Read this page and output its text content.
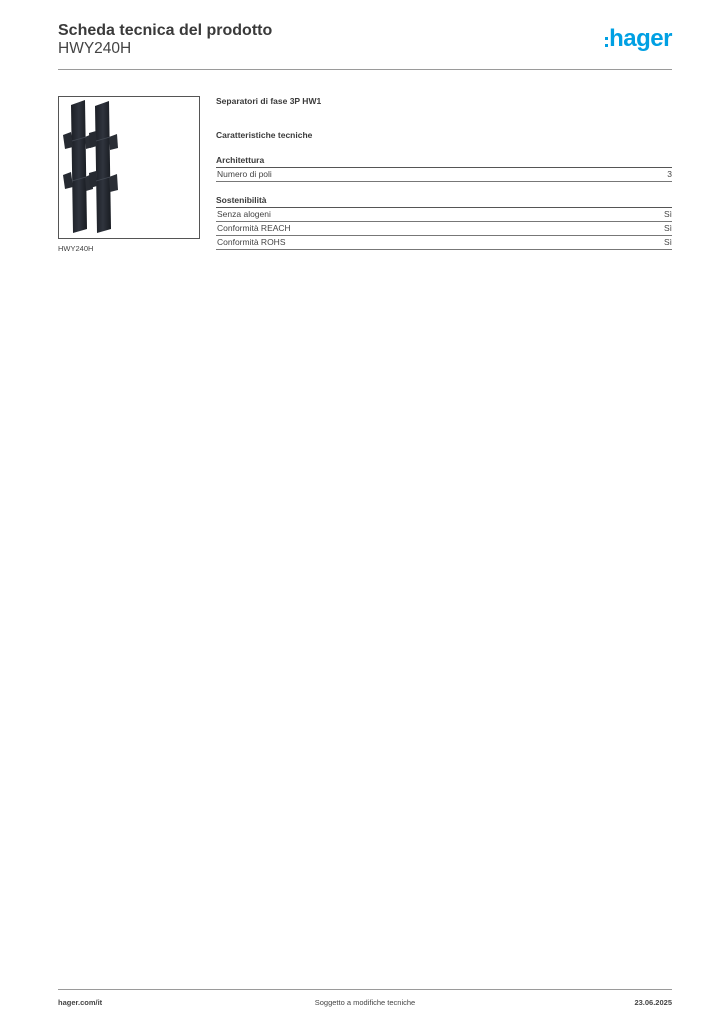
Scheda tecnica del prodotto
HWY240H	hager
HWY240H
Separatori di fase 3P HW1
Caratteristiche tecniche
Architettura
Numero di poli	3
Sostenibilità
Senza alogeni	Sì
Conformità REACH	Sì
Conformità ROHS	Sì
hager.com/it	Soggetto a modifiche tecniche	23.06.2025
